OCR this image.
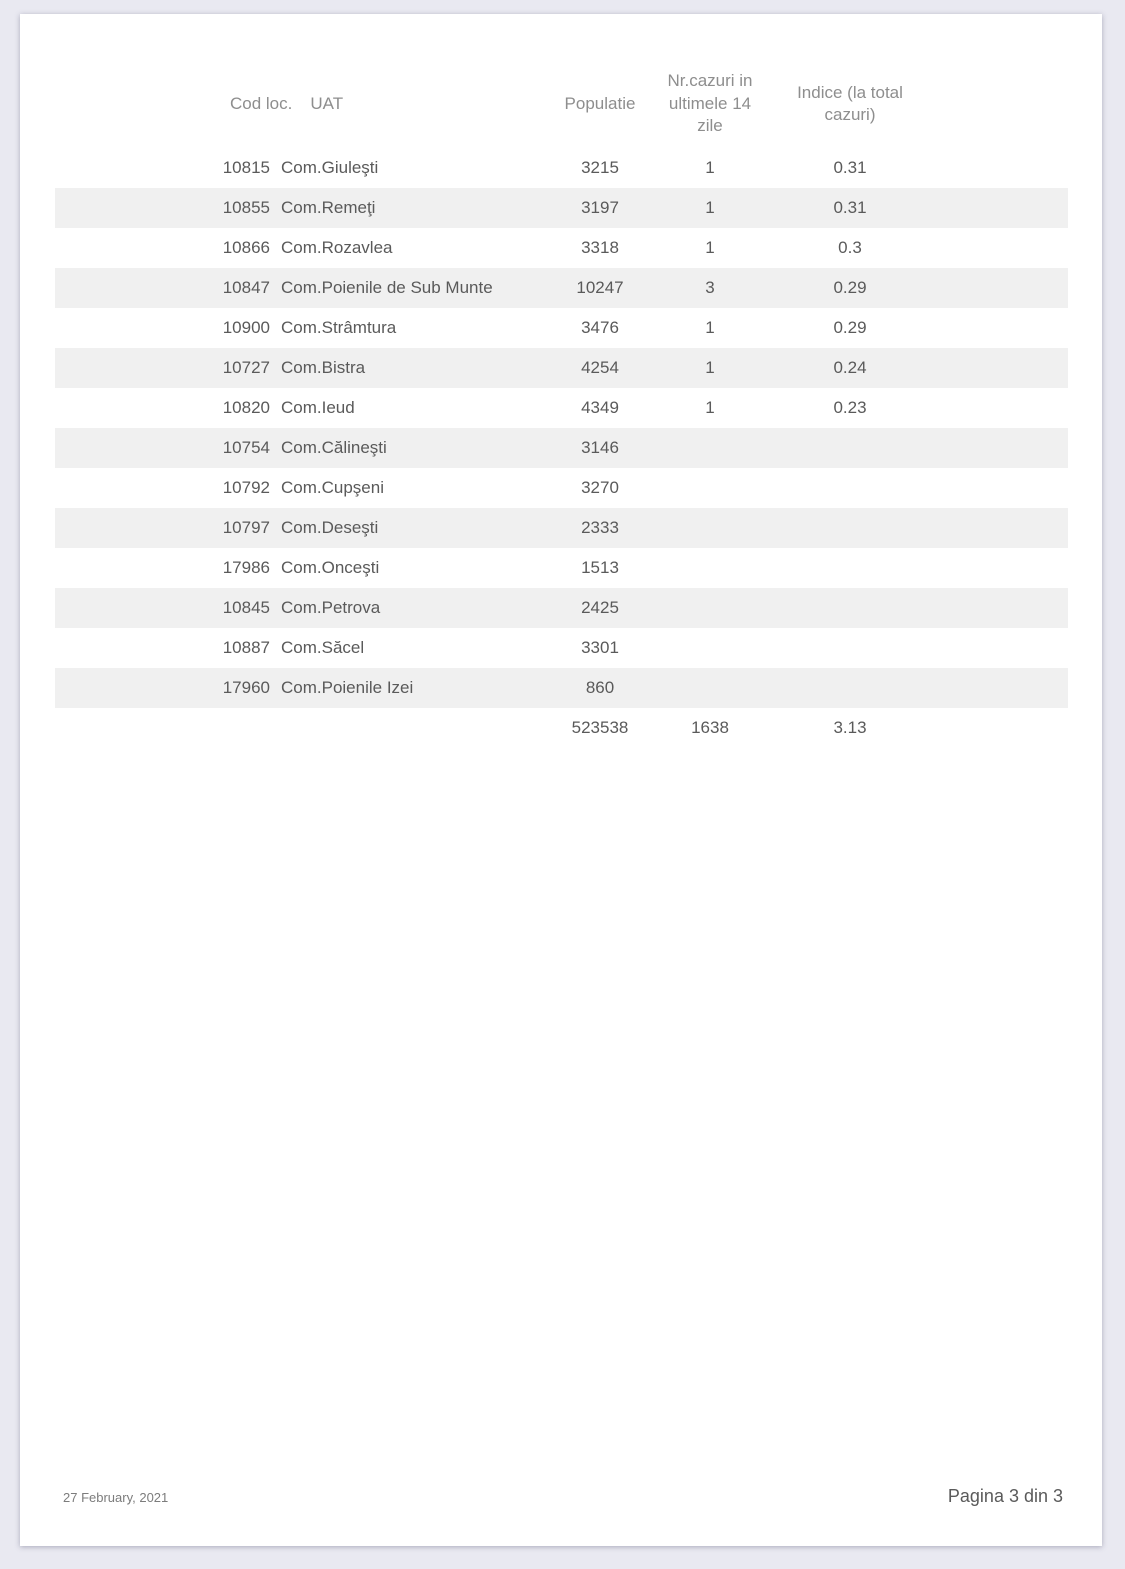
Cod loc. UAT		Populatie	Nr.cazuri in ultimele 14 zile	Indice (la total cazuri)	

10815	Com.Giuleşti	3215	1	0.31	
10855	Com.Remeţi	3197	1	0.31	
10866	Com.Rozavlea	3318	1	0.3	
10847	Com.Poienile de Sub Munte	10247	3	0.29	
10900	Com.Strâmtura	3476	1	0.29	
10727	Com.Bistra	4254	1	0.24	
10820	Com.Ieud	4349	1	0.23	
10754	Com.Călineşti	3146			
10792	Com.Cupşeni	3270			
10797	Com.Deseşti	2333			
17986	Com.Onceşti	1513			
10845	Com.Petrova	2425			
10887	Com.Săcel	3301			
17960	Com.Poienile Izei	860			
		523538	1638	3.13	
27 February, 2021	Pagina 3 din 3
